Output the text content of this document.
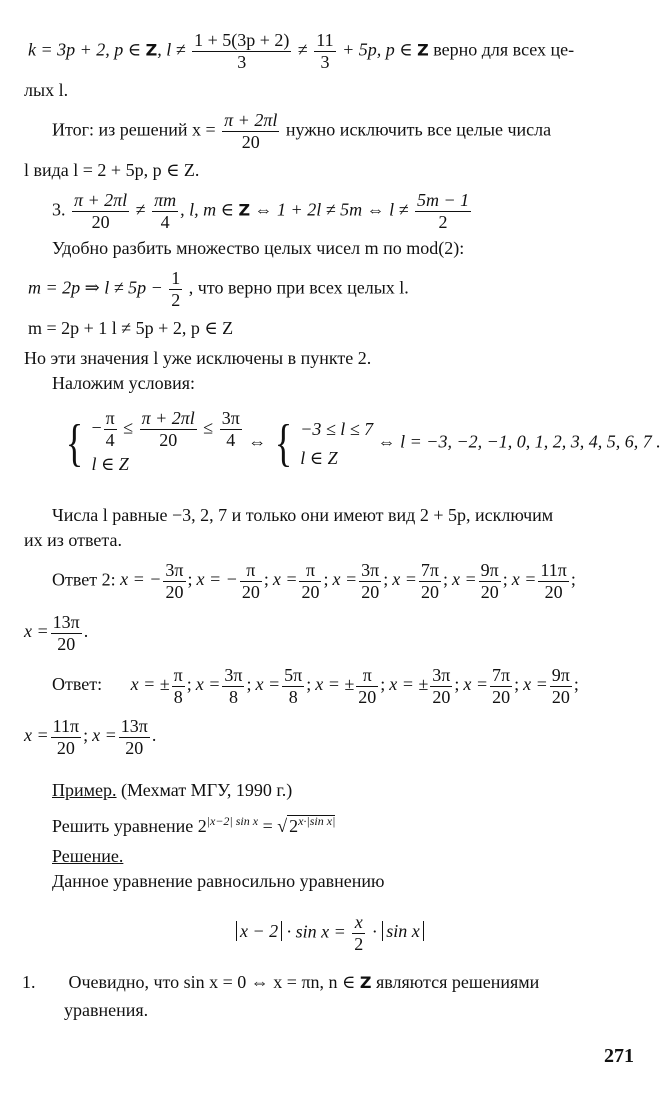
k = 3p + 2, p ∈ Z, $l \ne \frac{1 + 5(3p + 2)}{3} \ne \frac{11}{3} + 5p$, p ∈ Z верно для всех це-
лых l.
Итог: из решений $x = \frac{\pi + 2\pi l}{20}$ нужно исключить все целые числа
l вида l = 2 + 5p, p ∈ Z.
3. $\frac{\pi + 2\pi l}{20} \ne \frac{\pi m}{4}$ , l, m ∈ Z ⇔ 1 + 2l ≠ 5m ⇔ $l \ne \frac{5m - 1}{2}$
Удобно разбить множество целых чисел m по mod(2):
m = 2p ⇒ $l \ne 5p - \frac{1}{2}$ , что верно при всех целых l.
m = 2p + 1 l ≠ 5p + 2, p ∈ Z
Но эти значения l уже исключены в пункте 2.
Наложим условия:
{ − $\frac{\pi}{4} \le \frac{\pi + 2\pi l}{20} \le \frac{3\pi}{4}$
l ∈ Z
⇔ { −3 ≤ l ≤ 7
l ∈ Z
⇔ l = −3, −2, −1, 0, 1, 2, 3, 4, 5, 6, 7 .
Числа l равные −3, 2, 7 и только они имеют вид 2 + 5p, исключим
их из ответа.
Ответ 2: x = − $\frac{3\pi}{20}$ ; x = − $\frac{\pi}{20}$ ; $x = \frac{\pi}{20}$ ; $x = \frac{3\pi}{20}$ ; $x = \frac{7\pi}{20}$ ; $x = \frac{9\pi}{20}$ ; $x = \frac{11\pi}{20}$ ;
$x = \frac{13\pi}{20}$ .
Ответ: x = ± $\frac{\pi}{8}$ ; $x = \frac{3\pi}{8}$ ; $x = \frac{5\pi}{8}$ ; x = ± $\frac{\pi}{20}$ ; x = ± $\frac{3\pi}{20}$ ; $x = \frac{7\pi}{20}$ ; $x = \frac{9\pi}{20}$ ;
$x = \frac{11\pi}{20}$ ; $x = \frac{13\pi}{20}$ .
Пример. (Мехмат МГУ, 1990 г.)
Решить уравнение $2^{|x-2| sin x}$ = √ $2^{x\cdot|sin x|}$
Решение.
Данное уравнение равносильно уравнению
$x - 2 \cdot \sin x = \frac{x}{2} \cdot \sin x$
1. Очевидно, что sin x = 0 ⇔ x = πn, n ∈ Z являются решениями
уравнения.
271
